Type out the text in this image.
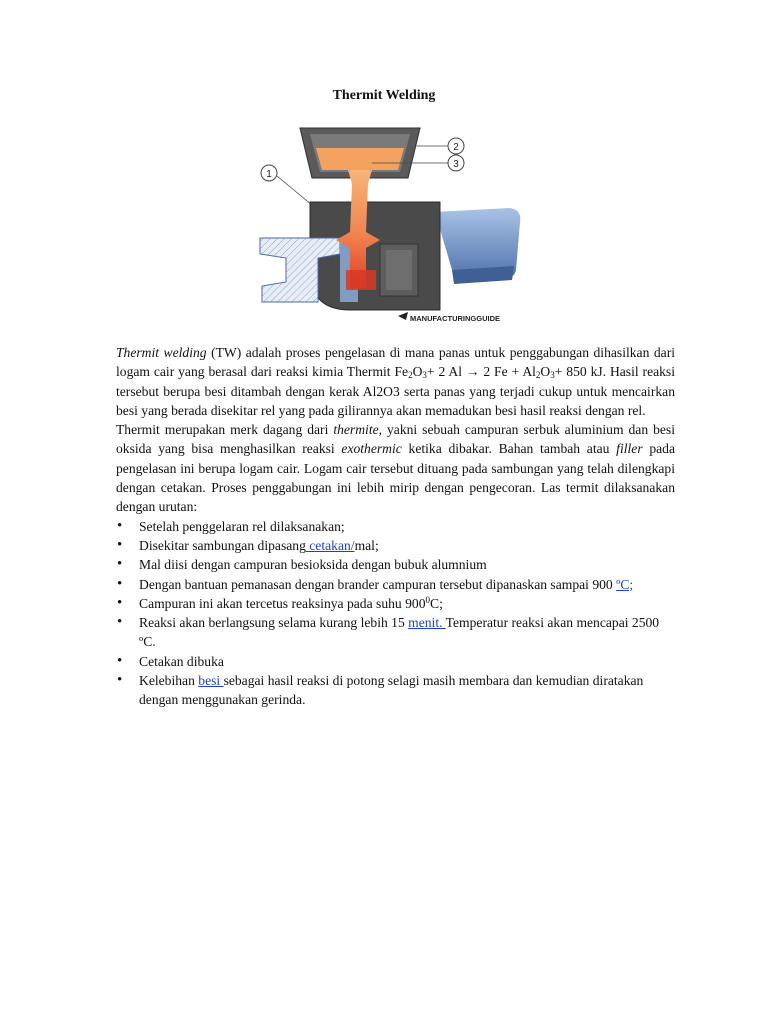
Thermit Welding
1
2
3
MANUFACTURINGGUIDE

Thermit welding (TW) adalah proses pengelasan di mana panas untuk penggabungan dihasilkan dari logam cair yang berasal dari reaksi kimia Thermit $Fe_2O_3+ 2$ Al → 2 $Fe + Al_2O_3+ 850$ kJ. Hasil reaksi tersebut berupa besi ditambah dengan kerak Al2O3 serta panas yang terjadi cukup untuk mencairkan besi yang berada disekitar rel yang pada gilirannya akan memadukan besi hasil reaksi dengan rel.

Thermit merupakan merk dagang dari thermite, yakni sebuah campuran serbuk aluminium dan besi oksida yang bisa menghasilkan reaksi exothermic ketika dibakar. Bahan tambah atau filler pada pengelasan ini berupa logam cair. Logam cair tersebut dituang pada sambungan yang telah dilengkapi dengan cetakan. Proses penggabungan ini lebih mirip dengan pengecoran. Las termit dilaksanakan dengan urutan:

• Setelah penggelaran rel dilaksanakan;
• Disekitar sambungan dipasang cetakan/mal;
• Mal diisi dengan campuran besioksida dengan bubuk alumnium
• Dengan bantuan pemanasan dengan brander campuran tersebut dipanaskan sampai 900 ºC;
• Campuran ini akan tercetus reaksinya pada suhu $900^0C$;
• Reaksi akan berlangsung selama kurang lebih 15 menit. Temperatur reaksi akan mencapai 2500 ºC.
• Cetakan dibuka
• Kelebihan besi sebagai hasil reaksi di potong selagi masih membara dan kemudian diratakan dengan menggunakan gerinda.
